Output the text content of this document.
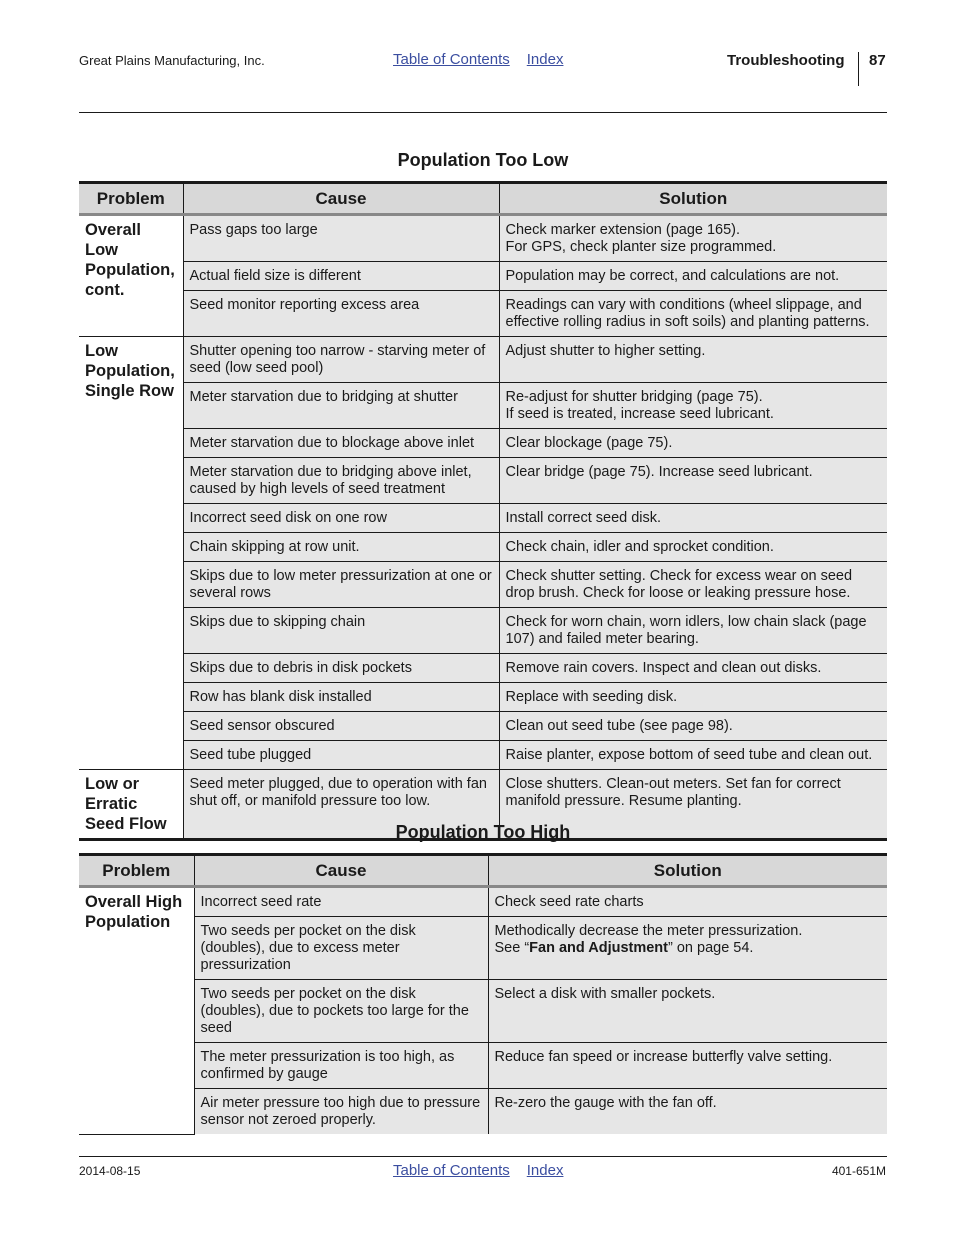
Great Plains Manufacturing, Inc.	Table of Contents Index	Troubleshooting 87
Population Too Low
Problem	Cause	Solution
Overall Low Population, cont.	Pass gaps too large	Check marker extension (page 165).
For GPS, check planter size programmed.

	Actual field size is different	Population may be correct, and calculations are not.
	Seed monitor reporting excess area	Readings can vary with conditions (wheel slippage, and effective rolling radius in soft soils) and planting patterns.
Low Population, Single Row	Shutter opening too narrow - starving meter of seed (low seed pool)	Adjust shutter to higher setting.
	Meter starvation due to bridging at shutter	Re-adjust for shutter bridging (page 75).
If seed is treated, increase seed lubricant.

	Meter starvation due to blockage above inlet	Clear blockage (page 75).
	Meter starvation due to bridging above inlet, caused by high levels of seed treatment	Clear bridge (page 75). Increase seed lubricant.
	Incorrect seed disk on one row	Install correct seed disk.
	Chain skipping at row unit.	Check chain, idler and sprocket condition.
	Skips due to low meter pressurization at one or several rows	Check shutter setting. Check for excess wear on seed drop brush. Check for loose or leaking pressure hose.
	Skips due to skipping chain	Check for worn chain, worn idlers, low chain slack (page 107) and failed meter bearing.
	Skips due to debris in disk pockets	Remove rain covers. Inspect and clean out disks.
	Row has blank disk installed	Replace with seeding disk.
	Seed sensor obscured	Clean out seed tube (see page 98).
	Seed tube plugged	Raise planter, expose bottom of seed tube and clean out.
Low or Erratic Seed Flow	Seed meter plugged, due to operation with fan shut off, or manifold pressure too low.	Close shutters. Clean-out meters. Set fan for correct manifold pressure. Resume planting.
Population Too High
Problem	Cause	Solution
Overall High Population	Incorrect seed rate	Check seed rate charts
	Two seeds per pocket on the disk (doubles), due to excess meter pressurization	Methodically decrease the meter pressurization.
See “Fan and Adjustment” on page 54.

	Two seeds per pocket on the disk (doubles), due to pockets too large for the seed	Select a disk with smaller pockets.
	The meter pressurization is too high, as confirmed by gauge	Reduce fan speed or increase butterfly valve setting.
	Air meter pressure too high due to pressure sensor not zeroed properly.	Re-zero the gauge with the fan off.
2014-08-15	Table of Contents Index	401-651M
